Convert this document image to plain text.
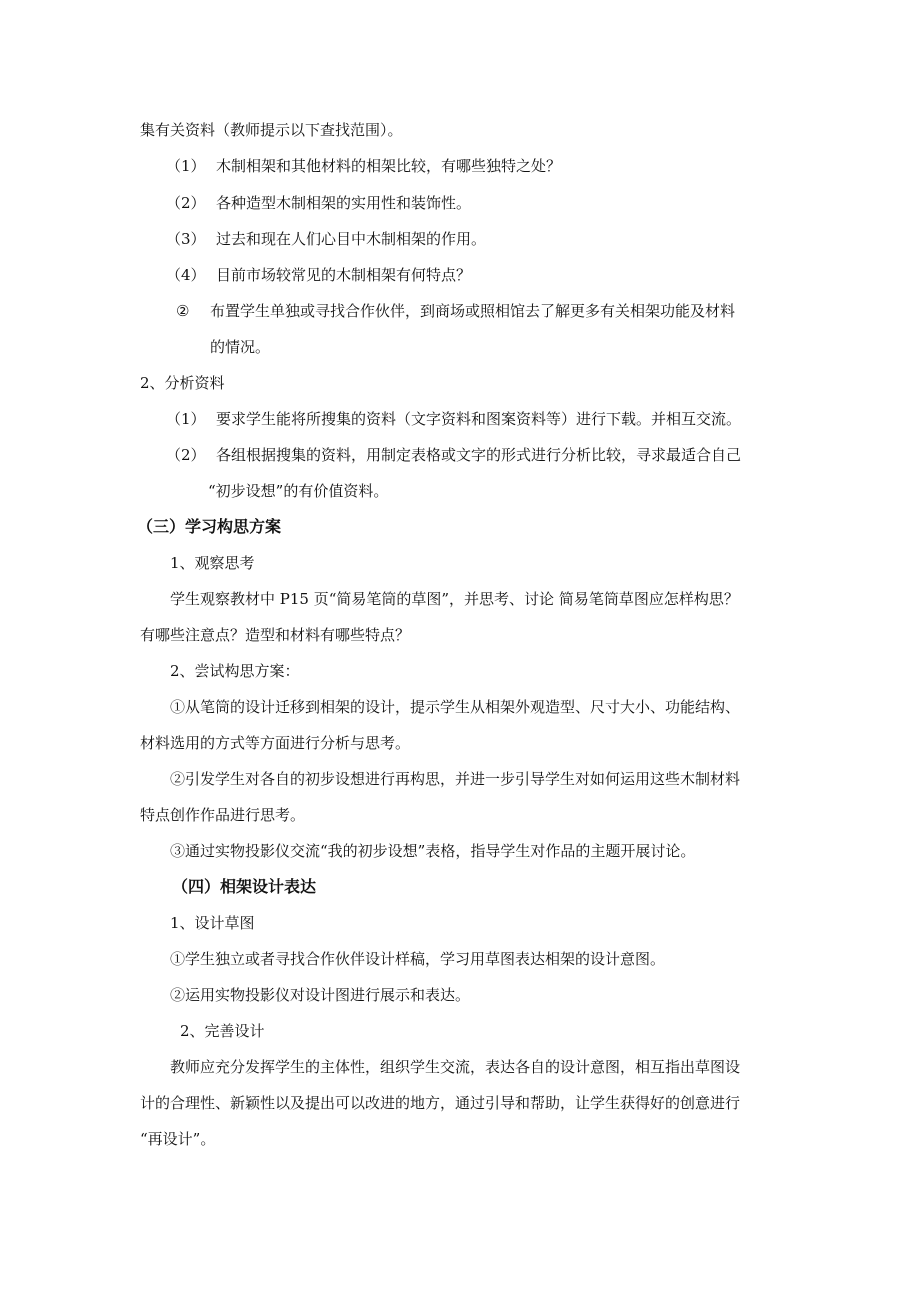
集有关资料（教师提示以下查找范围）。
（1） 木制相架和其他材料的相架比较，有哪些独特之处？
（2） 各种造型木制相架的实用性和装饰性。
（3） 过去和现在人们心目中木制相架的作用。
（4） 目前市场较常见的木制相架有何特点？
② 布置学生单独或寻找合作伙伴，到商场或照相馆去了解更多有关相架功能及材料
的情况。
2、分析资料
（1） 要求学生能将所搜集的资料（文字资料和图案资料等）进行下载。并相互交流。
（2） 各组根据搜集的资料，用制定表格或文字的形式进行分析比较，寻求最适合自己
“初步设想”的有价值资料。
（三）学习构思方案
1、观察思考
学生观察教材中 P15 页“简易笔筒的草图”，并思考、讨论 简易笔筒草图应怎样构思？
有哪些注意点？造型和材料有哪些特点？
2、尝试构思方案：
①从笔筒的设计迁移到相架的设计，提示学生从相架外观造型、尺寸大小、功能结构、
材料选用的方式等方面进行分析与思考。
②引发学生对各自的初步设想进行再构思，并进一步引导学生对如何运用这些木制材料
特点创作作品进行思考。
③通过实物投影仪交流“我的初步设想”表格，指导学生对作品的主题开展讨论。
（四）相架设计表达
1、设计草图
①学生独立或者寻找合作伙伴设计样稿，学习用草图表达相架的设计意图。
②运用实物投影仪对设计图进行展示和表达。
2、完善设计
教师应充分发挥学生的主体性，组织学生交流，表达各自的设计意图，相互指出草图设
计的合理性、新颖性以及提出可以改进的地方，通过引导和帮助，让学生获得好的创意进行
“再设计”。
